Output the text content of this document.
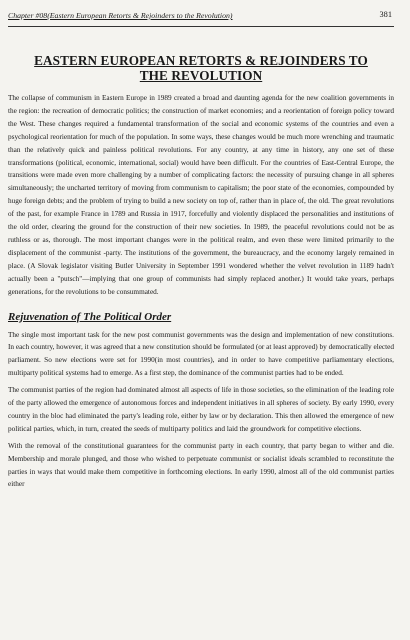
Chapter #08(Eastern European Retorts & Rejoinders to the Revolution)	381
EASTERN EUROPEAN RETORTS & REJOINDERS TO
THE REVOLUTION

The collapse of communism in Eastern Europe in 1989 created a broad and daunting agenda for the new coalition governments in the region: the recreation of democratic politics; the construction of market economies; and a reorientation of foreign policy toward the West. These changes required a fundamental transformation of the social and economic systems of the countries and even a psychological reorientation for much of the population. In some ways, these changes would be much more wrenching and traumatic than the relatively quick and painless political revolutions. For any country, at any time in history, any one set of these transformations (political, economic, international, social) would have been difficult. For the countries of East-Central Europe, the transitions were made even more challenging by a number of complicating factors: the necessity of pursuing change in all spheres simultaneously; the uncharted territory of moving from communism to capitalism; the poor state of the economies, compounded by huge foreign debts; and the problem of trying to build a new society on top of, rather than in place of, the old. The great revolutions of the past, for example France in 1789 and Russia in 1917, forcefully and violently displaced the personalities and institutions of the old order, clearing the ground for the construction of their new societies. In 1989, the peaceful revolutions could not be as ruthless or as, thorough. The most important changes were in the political realm, and even these were limited primarily to the displacement of the communist -party. The institutions of the government, the bureaucracy, and the economy largely remained in place. (A Slovak legislator visiting Butler University in September 1991 wondered whether the velvet revolution in 1189 hadn't actually been a "putsch"—implying that one group of communists had simply replaced another.) It would take years, perhaps generations, for the revolutions to be consummated.

Rejuvenation of The Political Order

The single most important task for the new post communist governments was the design and implementation of new constitutions. In each country, however, it was agreed that a new constitution should be formulated (or at least approved) by democratically elected parliament. So new elections were set for 1990(in most countries), and in order to have competitive parliamentary elections, multiparty political systems had to emerge. As a first step, the dominance of the communist parties had to be ended.

The communist parties of the region had dominated almost all aspects of life in those societies, so the elimination of the leading role of the party allowed the emergence of autonomous forces and independent initiatives in all spheres of society. By early 1990, every country in the bloc had eliminated the party's leading role, either by law or by declaration. This then allowed the emergence of new political parties, which, in turn, created the seeds of multiparty politics and laid the groundwork for competitive elections.

With the removal of the constitutional guarantees for the communist party in each country, that party began to wither and die. Membership and morale plunged, and those who wished to perpetuate communist or socialist ideals scrambled to reconstitute the parties in ways that would make them competitive in forthcoming elections. In early 1990, almost all of the old communist parties either
